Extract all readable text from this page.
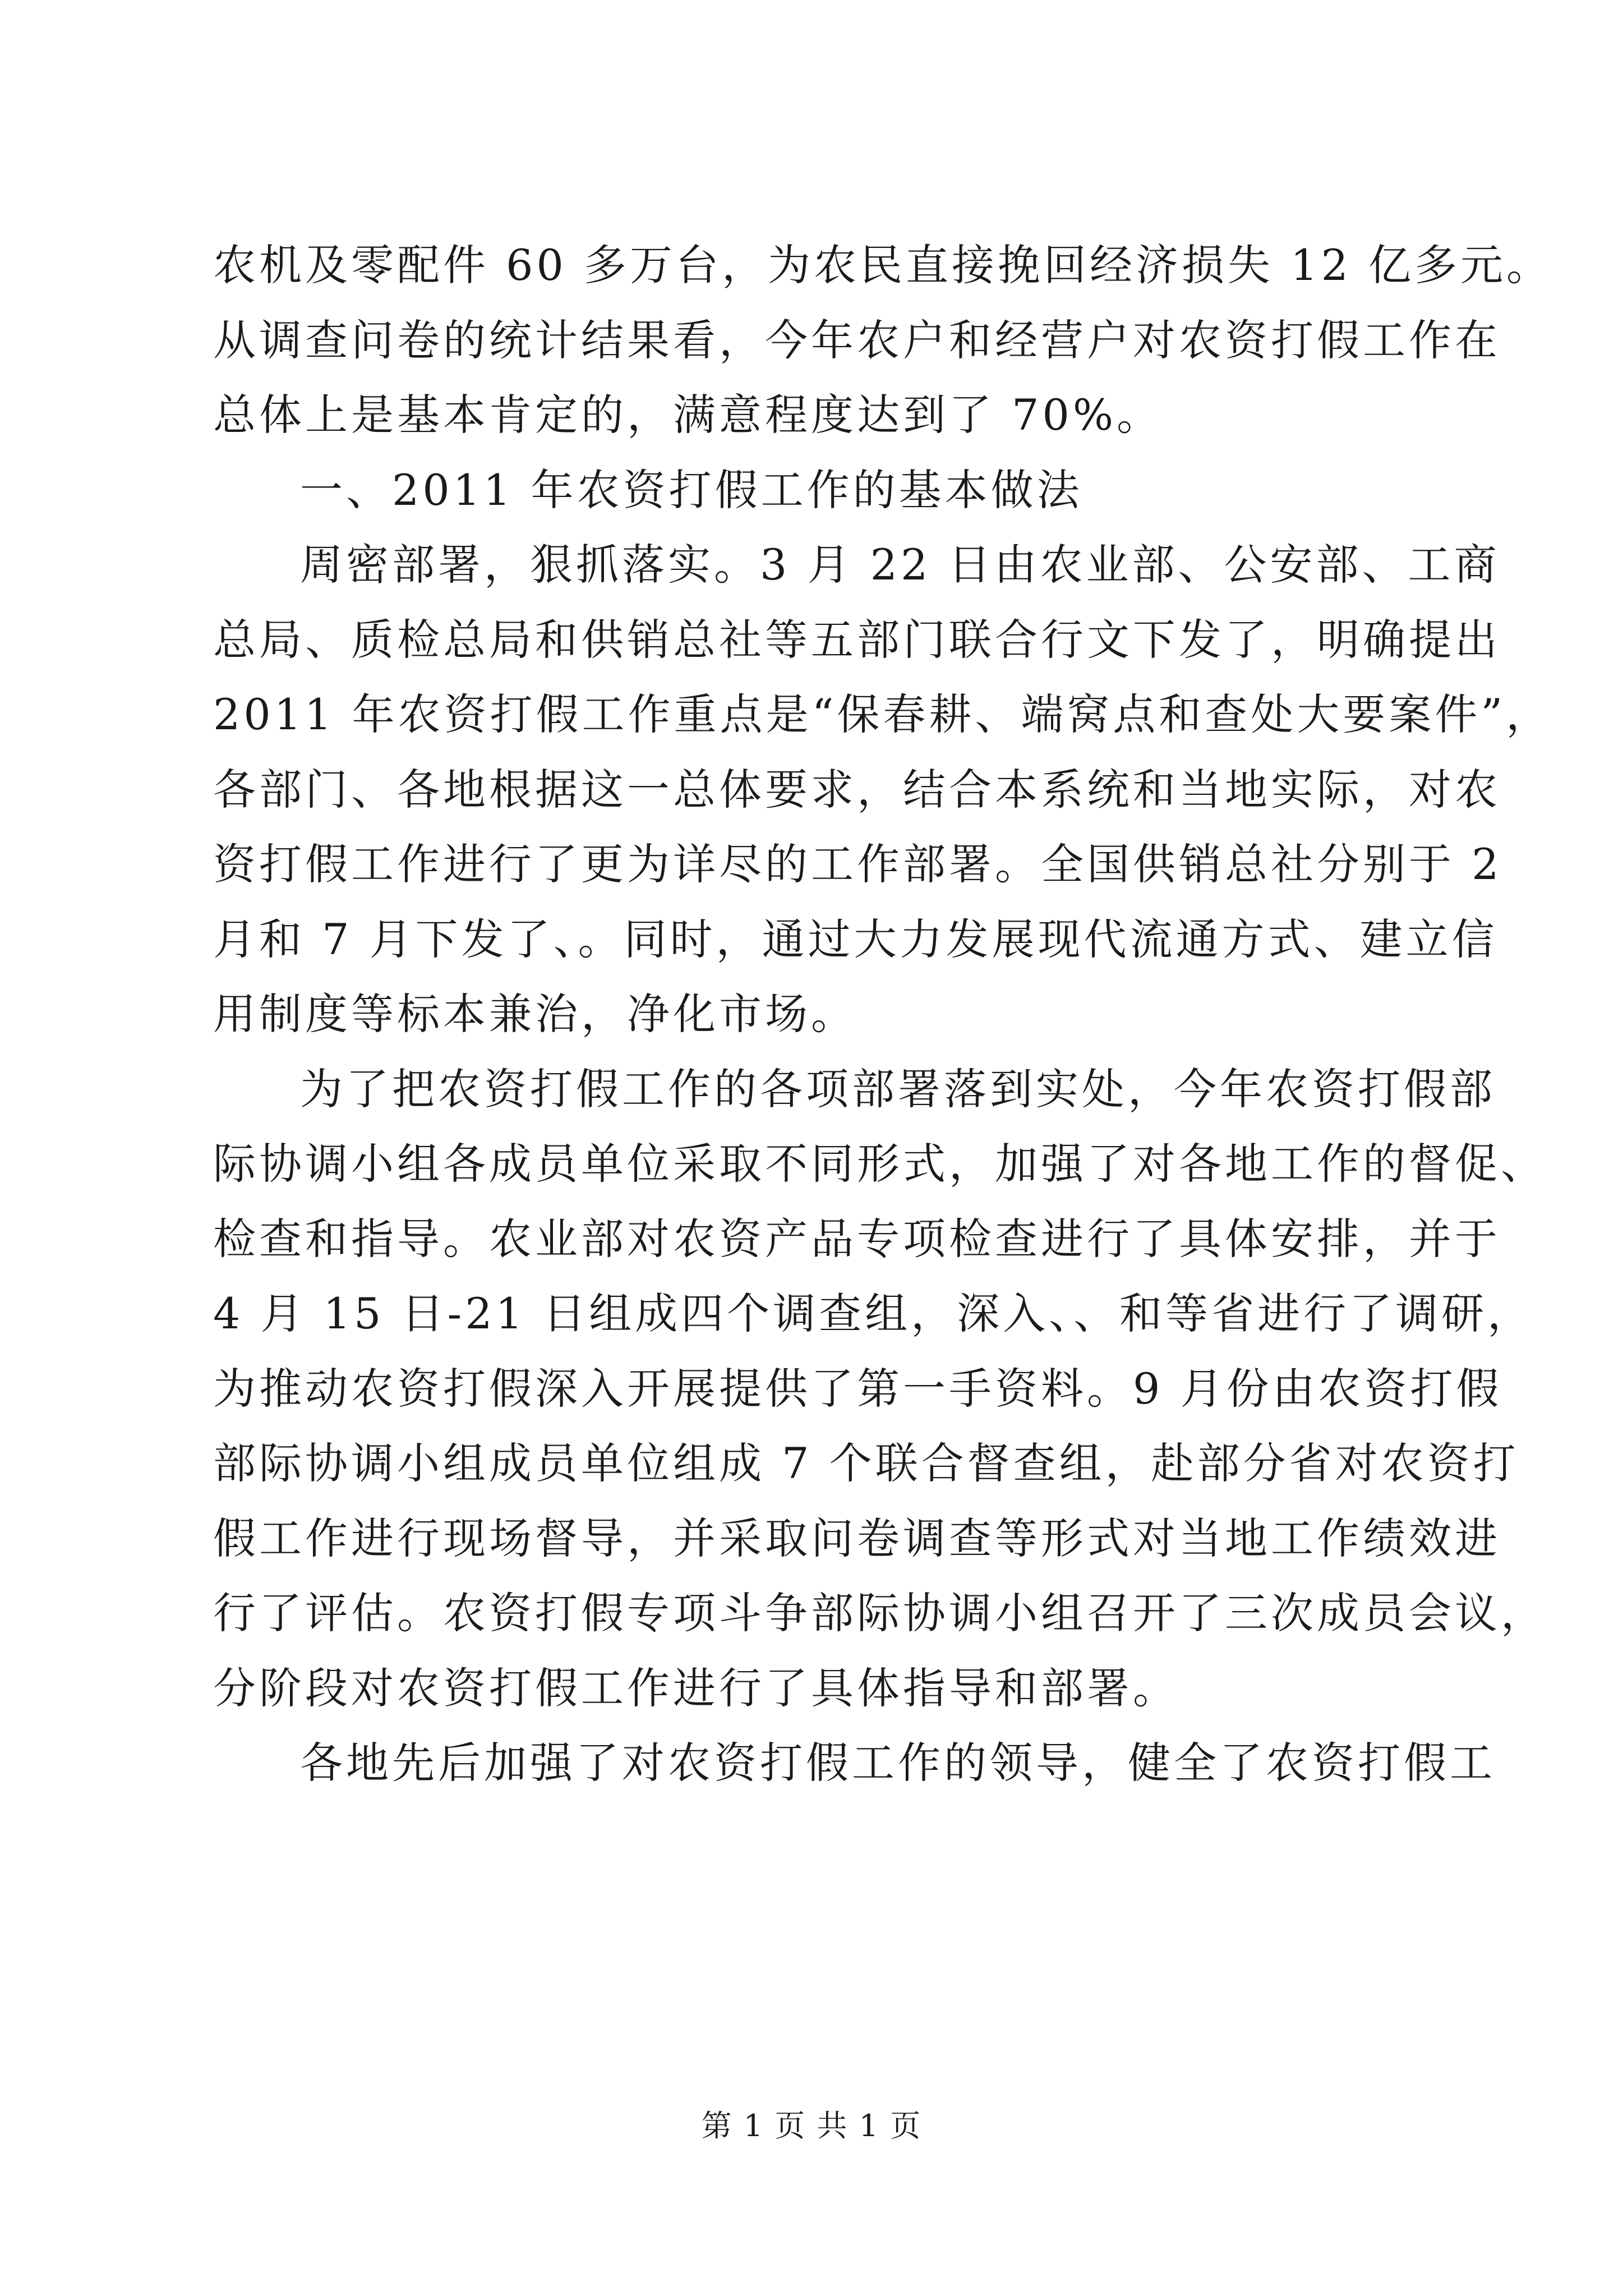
农机及零配件 60 多万台，为农民直接挽回经济损失 12 亿多元。
从调查问卷的统计结果看，今年农户和经营户对农资打假工作在
总体上是基本肯定的，满意程度达到了 70%。
一、2011 年农资打假工作的基本做法
周密部署，狠抓落实。3 月 22 日由农业部、公安部、工商
总局、质检总局和供销总社等五部门联合行文下发了，明确提出
2011 年农资打假工作重点是“保春耕、端窝点和查处大要案件”，
各部门、各地根据这一总体要求，结合本系统和当地实际，对农
资打假工作进行了更为详尽的工作部署。全国供销总社分别于 2
月和 7 月下发了、。同时，通过大力发展现代流通方式、建立信
用制度等标本兼治，净化市场。
为了把农资打假工作的各项部署落到实处，今年农资打假部
际协调小组各成员单位采取不同形式，加强了对各地工作的督促、
检查和指导。农业部对农资产品专项检查进行了具体安排，并于
4 月 15 日-21 日组成四个调查组，深入、、和等省进行了调研，
为推动农资打假深入开展提供了第一手资料。9 月份由农资打假
部际协调小组成员单位组成 7 个联合督查组，赴部分省对农资打
假工作进行现场督导，并采取问卷调查等形式对当地工作绩效进
行了评估。农资打假专项斗争部际协调小组召开了三次成员会议，
分阶段对农资打假工作进行了具体指导和部署。
各地先后加强了对农资打假工作的领导，健全了农资打假工
第 1 页 共 1 页
